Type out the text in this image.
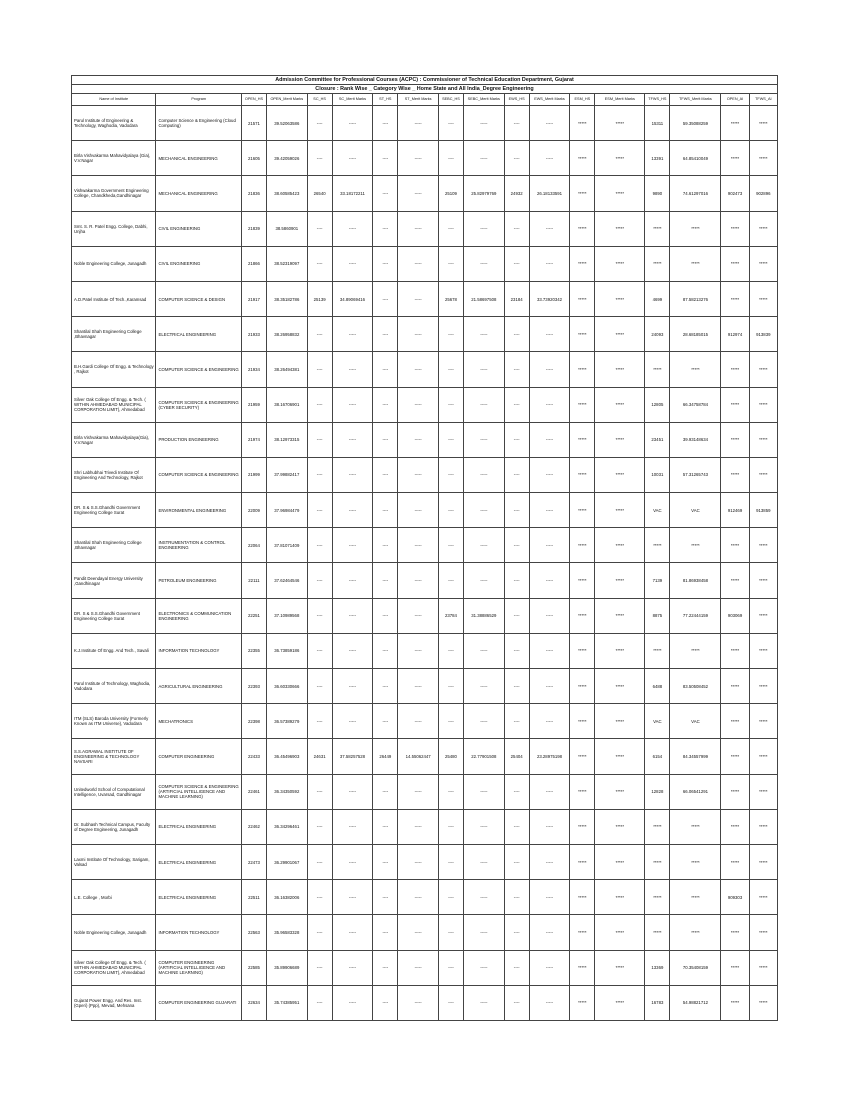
Admission Committee for Professional Courses (ACPC) : Commissioner of Technical Education Department, Gujarat																	
Closure : Rank Wise _ Category Wise _ Home State and All India_Degree Engineering																	
Name of Institute	Program	OPEN_HS	OPEN_Merit Marks	SC_HS	SC_Merit Marks	ST_HS	ST_Merit Marks	SEBC_HS	SEBC_Merit Marks	EWS_HS	EWS_Merit Marks	ESM_HS	ESM_Merit Marks	TFWS_HS	TFWS_Merit Marks	OPEN_AI	TFWS_AI
Parul Institute of Engineering & Technology, Waghodia, Vadodara	Computer Science & Engineering (Cloud Computing)	21571	39.52063586	----	-----	----	-----	----	-----	----	-----	*****	*****	15311	59.35088259	*****	*****
Birla Vishvakarma Mahavidyalaya (Gia), V.V.Nagar	MECHANICAL ENGINEERING	21605	39.42059026	----	-----	----	-----	----	-----	----	-----	*****	*****	13391	64.85410049	*****	*****
Vishwakarma Government Engineering College, Chandkheda,Gandhinagar	MECHANICAL ENGINEERING	21836	38.60585423	26540	33.18172211	----	-----	25109	25.82979769	24932	26.18133591	*****	*****	9890	74.61297016	902473	902896
Smt. S. R. Patel Engg. College, Dabhi, Unjha	CIVIL ENGINEERING	21839	38.5860901	----	-----	----	-----	----	-----	----	-----	*****	*****	*****	*****	*****	*****
Noble Engineering College, Junagadh	CIVIL ENGINEERING	21866	38.52319097	----	-----	----	-----	----	-----	----	-----	*****	*****	*****	*****	*****	*****
A.D.Patel Institute Of Tech.,Karamsad	COMPUTER SCIENCE & DESIGN	21917	38.35182786	25139	34.89069416	----	-----	25678	21.58697508	23184	33.73920342	*****	*****	4699	87.58213276	*****	*****
Shantilal Shah Engineering College ,Bhavnagar	ELECTRICAL ENGINEERING	21933	38.26958832	----	-----	----	-----	----	-----	----	-----	*****	*****	24093	28.68185015	912974	913839
B.H.Gardi College Of Engg. & Technology , Rajkot	COMPUTER SCIENCE & ENGINEERING	21934	38.26494381	----	-----	----	-----	----	-----	----	-----	*****	*****	*****	*****	*****	*****
Silver Oak College Of Engg. & Tech. ( WITHIN AHMEDABAD MUNICIPAL CORPORATION LIMIT), Ahmedabad	COMPUTER SCIENCE & ENGINEERING (CYBER SECURITY)	21959	38.16706901	----	-----	----	-----	----	-----	----	-----	*****	*****	12805	66.34758784	*****	*****
Birla Vishvakarma Mahavidyalaya(Gia), V.V.Nagar	PRODUCTION ENGINEERING	21974	38.12973315	----	-----	----	-----	----	-----	----	-----	*****	*****	23451	39.93148634	*****	*****
Shri Labhubhai Trivedi Institute Of Engineering And Technology, Rajkot	COMPUTER SCIENCE & ENGINEERING	21999	37.99882417	----	-----	----	-----	----	-----	----	-----	*****	*****	10031	57.31265743	*****	*****
DR. S & S.S.Ghandhi Government Engineering College Surat	ENVIRONMENTAL ENGINEERING	22009	37.96984479	----	-----	----	-----	----	-----	----	-----	*****	*****	VAC	VAC	912469	913859
Shantilal Shah Engineering College ,Bhavnagar	INSTRUMENTATION & CONTROL ENGINEERING	22064	37.81071409	----	-----	----	-----	----	-----	----	-----	*****	*****	*****	*****	*****	*****
Pandit Deendayal Energy University ,Gandhinagar	PETROLEUM ENGINEERING	22111	37.62464546	----	-----	----	-----	----	-----	----	-----	*****	*****	7139	81.86938458	*****	*****
DR. S & S.S.Ghandhi Government Engineering College Surat	ELECTRONICS & COMMUNICATION ENGINEERING	22251	37.10989568	----	-----	----	-----	23784	31.38886529	----	-----	*****	*****	8875	77.22444159	903069	*****
K.J.Institute Of Engg. And Tech., Savali	INFORMATION TECHNOLOGY	22355	36.73859186	----	-----	----	-----	----	-----	----	-----	*****	*****	*****	*****	*****	*****
Parul Institute of Technology, Waghodia, Vadodara	AGRICULTURAL ENGINEERING	22393	36.60330666	----	-----	----	-----	----	-----	----	-----	*****	*****	6488	83.50508452	*****	*****
ITM (SLS) Baroda University (Formerly Known as ITM Universe), Vadodara	MECHATRONICS	22398	36.57389279	----	-----	----	-----	----	-----	----	-----	*****	*****	VAC	VAC	*****	*****
S.S.AGRAWAL INSTITUTE OF ENGINEERING & TECHNOLOGY NAVSARI	COMPUTER ENGINEERING	22433	36.45496903	24631	37.58257528	26449	14.55062447	25480	22.77901508	25404	23.28975198	*****	*****	6154	84.34557999	*****	*****
Unitedworld School of Computational Intelligence, Uvarsad, Gandhinagar	COMPUTER SCIENCE & ENGINEERING (ARTIFICIAL INTELLIGENCE AND MACHINE LEARNING)	22461	36.34350592	----	-----	----	-----	----	-----	----	-----	*****	*****	12828	66.06541291	*****	*****
Dr. Subhash Technical Campus, Faculty of Degree Engineering, Junagadh	ELECTRICAL ENGINEERING	22462	36.34296461	----	-----	----	-----	----	-----	----	-----	*****	*****	*****	*****	*****	*****
Laxmi Institute Of Technology, Sarigam, Valsad	ELECTRICAL ENGINEERING	22473	36.29901067	----	-----	----	-----	----	-----	----	-----	*****	*****	*****	*****	*****	*****
L.E. College , Morbi	ELECTRICAL ENGINEERING	22511	36.16382006	----	-----	----	-----	----	-----	----	-----	*****	*****	*****	*****	909303	*****
Noble Engineering College, Junagadh	INFORMATION TECHNOLOGY	22563	35.96583328	----	-----	----	-----	----	-----	----	-----	*****	*****	*****	*****	*****	*****
Silver Oak College Of Engg. & Tech. ( WITHIN AHMEDABAD MUNICIPAL CORPORATION LIMIT), Ahmedabad	COMPUTER ENGINEERING (ARTIFICIAL INTELLIGENCE AND MACHINE LEARNING)	22585	35.89906689	----	-----	----	-----	----	-----	----	-----	*****	*****	13369	70.35408159	*****	*****
Gujarat Power Engg. And Res. Inst. (Gperi) (Ppp), Mevad, Mehsana	COMPUTER ENGINEERING GUJARATI	22634	35.74385951	----	-----	----	-----	----	-----	----	-----	*****	*****	16783	54.98821712	*****	*****
